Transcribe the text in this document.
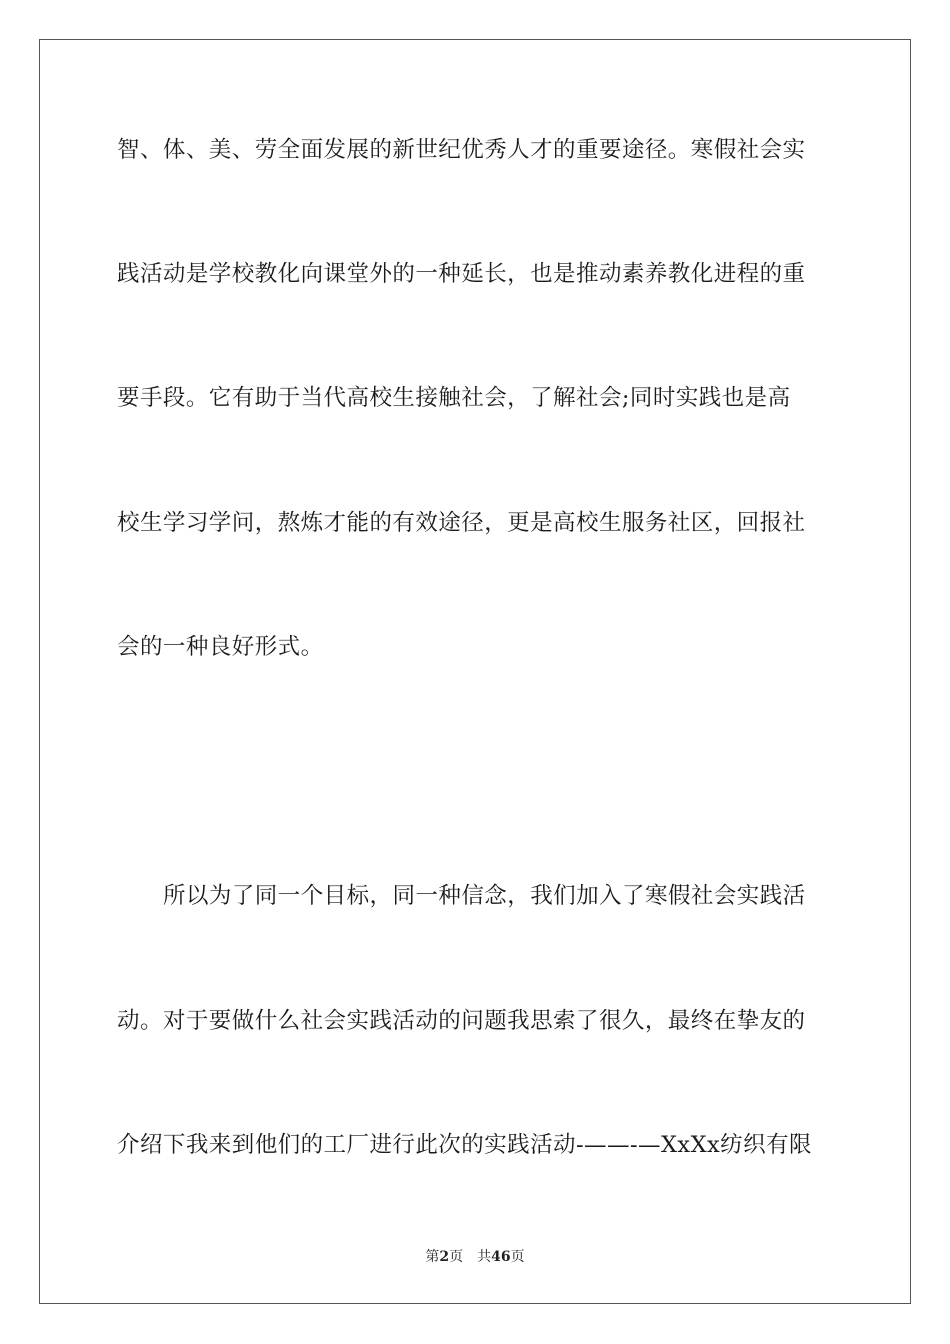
智、体、美、劳全面发展的新世纪优秀人才的重要途径。寒假社会实
践活动是学校教化向课堂外的一种延长，也是推动素养教化进程的重
要手段。它有助于当代高校生接触社会，了解社会;同时实践也是高
校生学习学问，熬炼才能的有效途径，更是高校生服务社区，回报社
会的一种良好形式。
所以为了同一个目标，同一种信念，我们加入了寒假社会实践活
动。对于要做什么社会实践活动的问题我思索了很久，最终在挚友的
介绍下我来到他们的工厂进行此次的实践活动-——-—XxXx纺织有限
第2页 共46页
